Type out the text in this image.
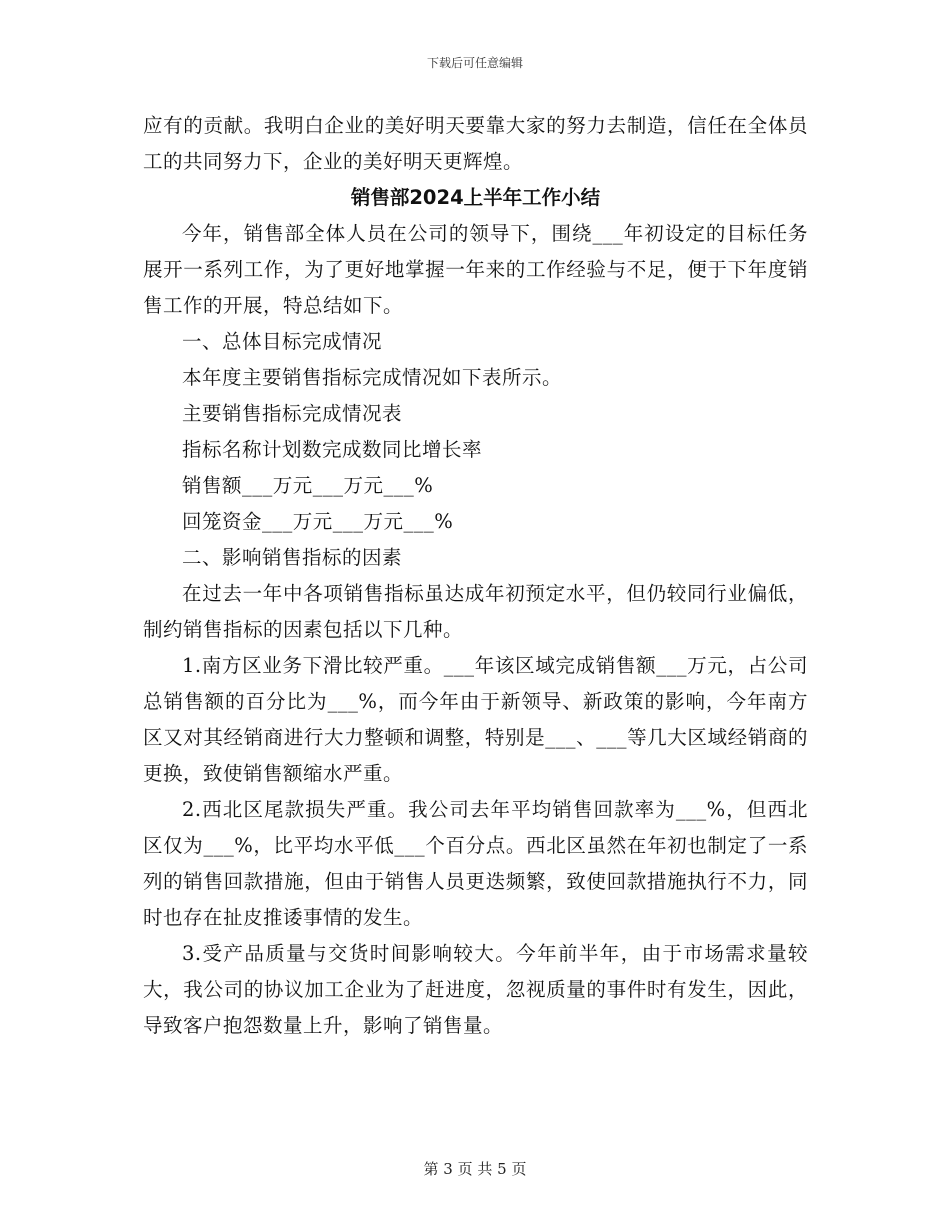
下载后可任意编辑

应有的贡献。我明白企业的美好明天要靠大家的努力去制造，信任在全体员工的共同努力下，企业的美好明天更辉煌。

销售部2024上半年工作小结

今年，销售部全体人员在公司的领导下，围绕___年初设定的目标任务展开一系列工作，为了更好地掌握一年来的工作经验与不足，便于下年度销售工作的开展，特总结如下。

一、总体目标完成情况

本年度主要销售指标完成情况如下表所示。

主要销售指标完成情况表

指标名称计划数完成数同比增长率

销售额___万元___万元___%

回笼资金___万元___万元___%

二、影响销售指标的因素

在过去一年中各项销售指标虽达成年初预定水平，但仍较同行业偏低，制约销售指标的因素包括以下几种。

1.南方区业务下滑比较严重。___年该区域完成销售额___万元，占公司总销售额的百分比为___%，而今年由于新领导、新政策的影响，今年南方区又对其经销商进行大力整顿和调整，特别是___、___等几大区域经销商的更换，致使销售额缩水严重。

2.西北区尾款损失严重。我公司去年平均销售回款率为___%，但西北区仅为___%，比平均水平低___个百分点。西北区虽然在年初也制定了一系列的销售回款措施，但由于销售人员更迭频繁，致使回款措施执行不力，同时也存在扯皮推诿事情的发生。

3.受产品质量与交货时间影响较大。今年前半年，由于市场需求量较大，我公司的协议加工企业为了赶进度，忽视质量的事件时有发生，因此，导致客户抱怨数量上升，影响了销售量。

第 3 页 共 5 页
